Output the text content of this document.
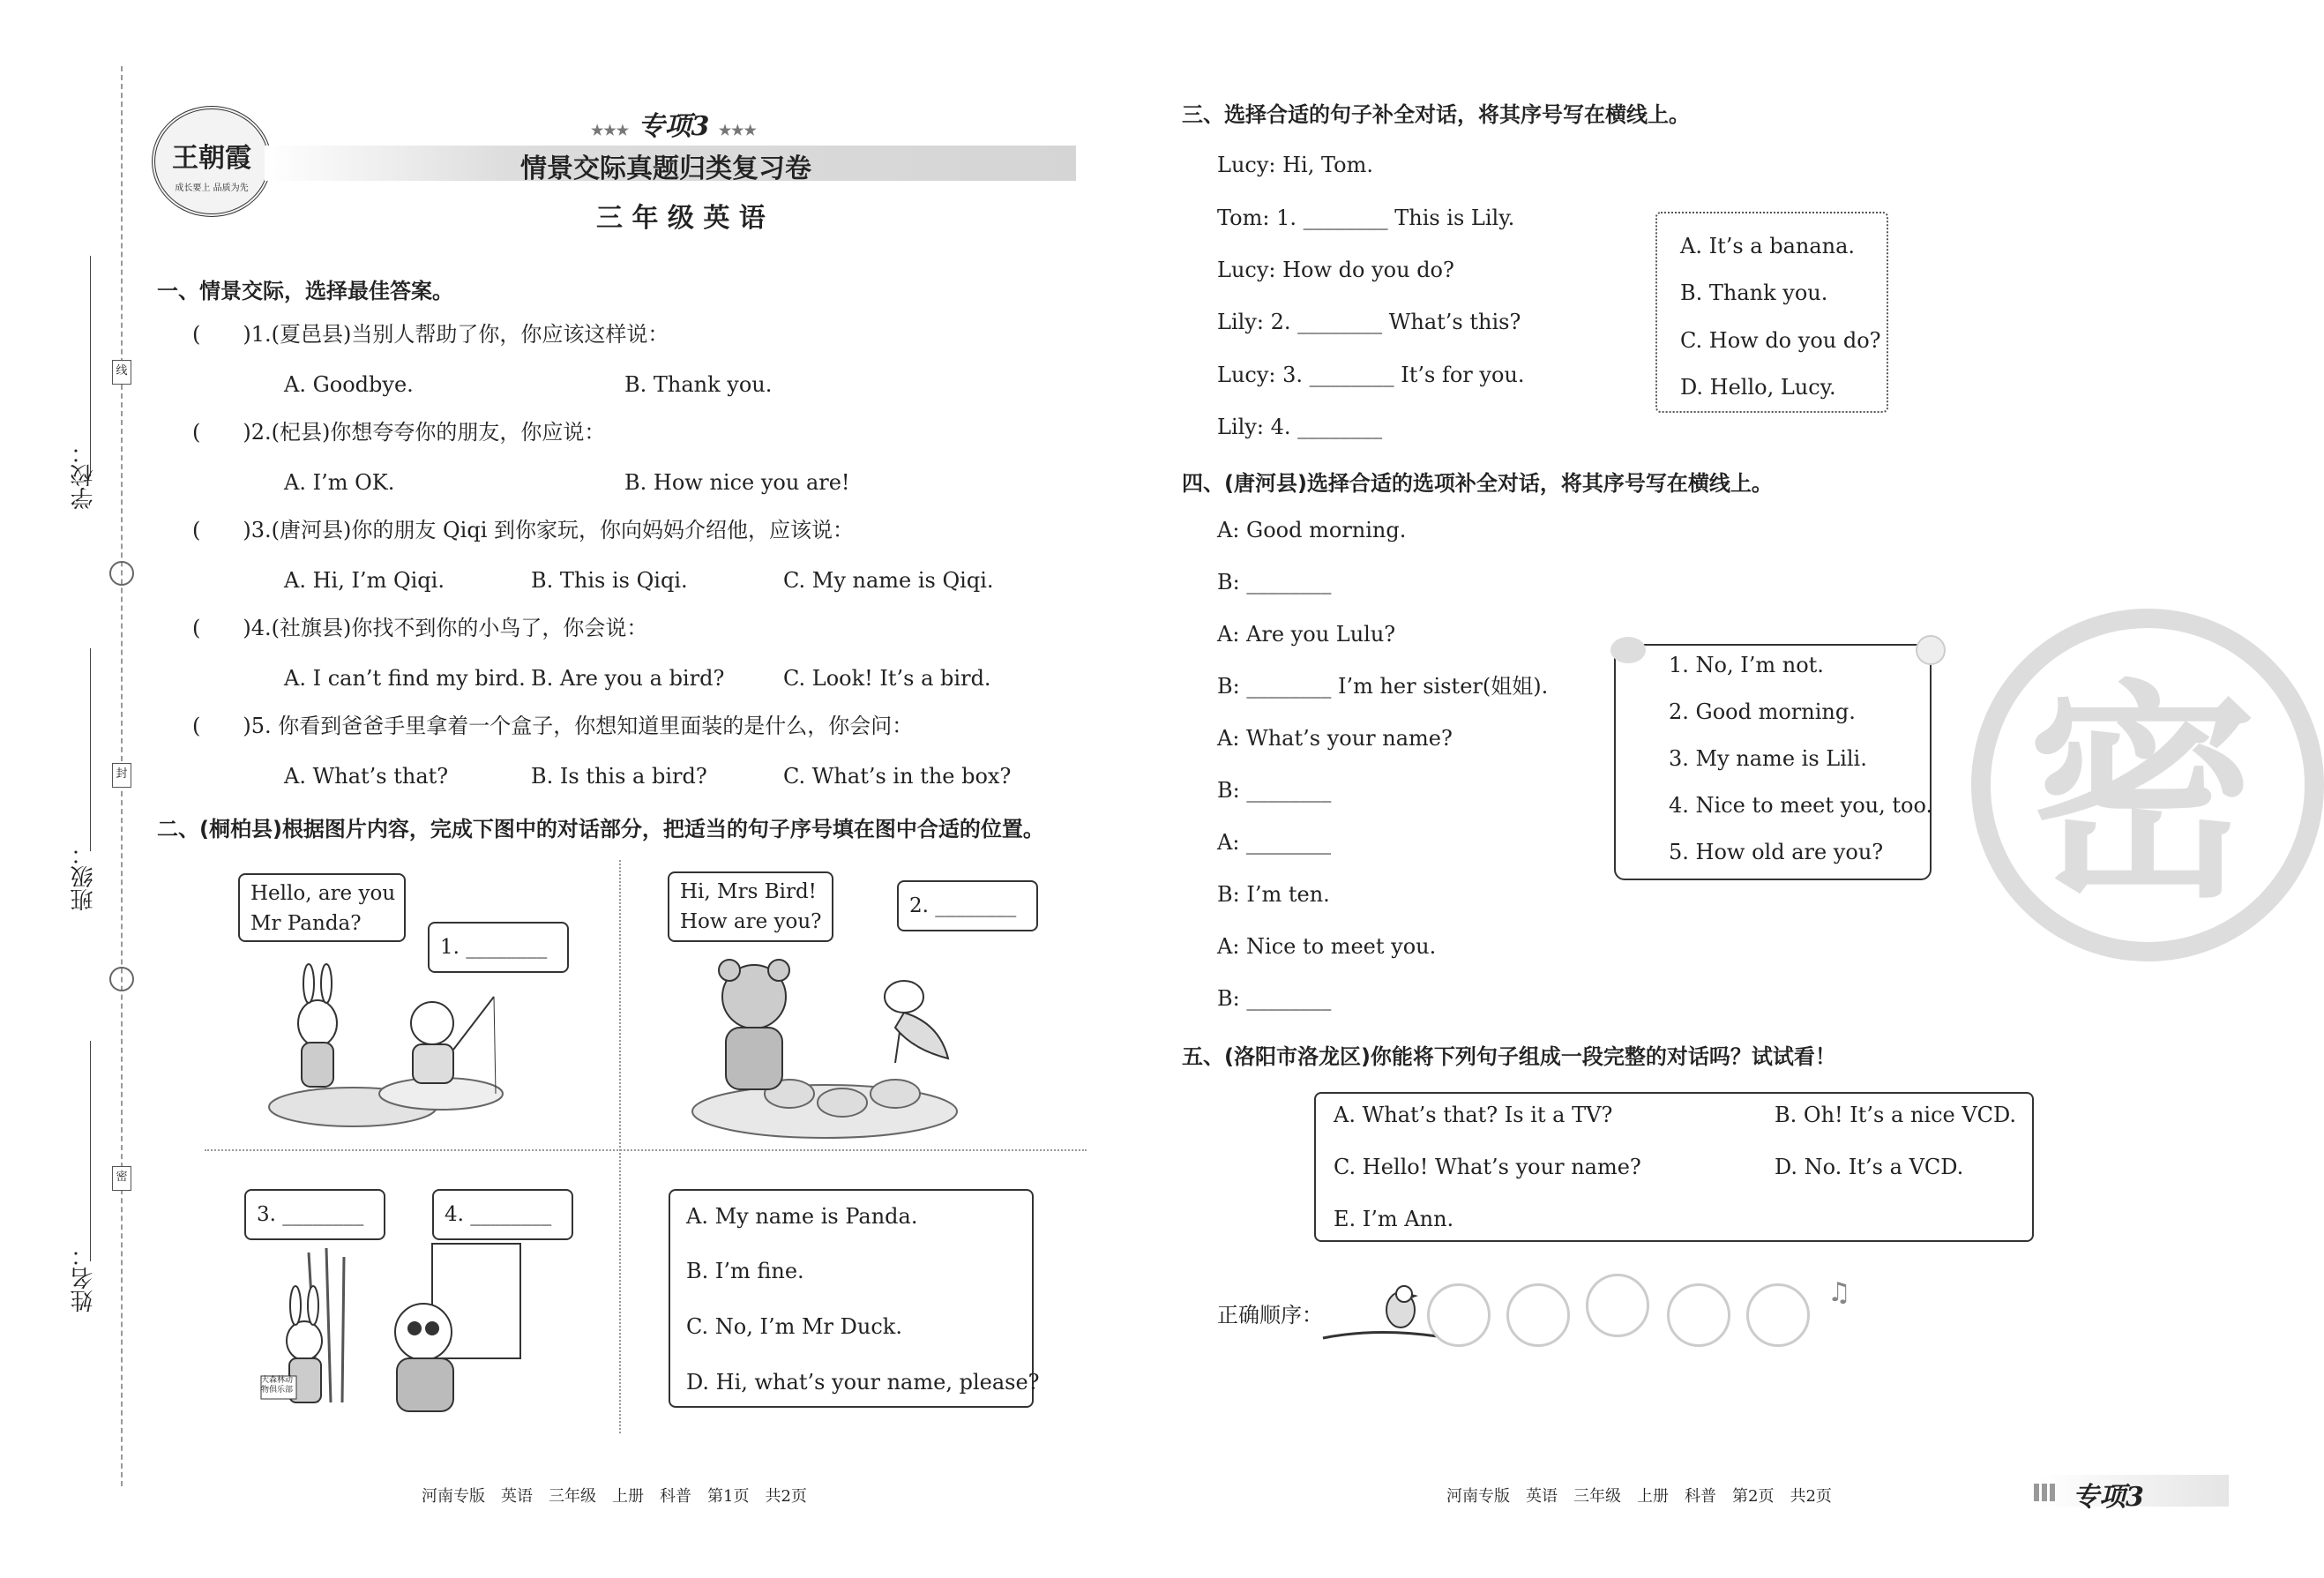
学校：
班级：
姓名：
线
封
密
王朝霞
成长要上 品质为先
★★★ 专项3 ★★★
情景交际真题归类复习卷
三 年 级 英 语
一、情景交际，选择最佳答案。
(　　)1.(夏邑县)当别人帮助了你，你应该这样说：
A. Goodbye.	B. Thank you.
(　　)2.(杞县)你想夸夸你的朋友，你应说：
A. I’m OK.	B. How nice you are!
(　　)3.(唐河县)你的朋友 Qiqi 到你家玩，你向妈妈介绍他，应该说：
A. Hi, I’m Qiqi.	B. This is Qiqi.	C. My name is Qiqi.
(　　)4.(社旗县)你找不到你的小鸟了，你会说：
A. I can’t find my bird. B. Are you a bird?	C. Look! It’s a bird.
(　　)5. 你看到爸爸手里拿着一个盒子，你想知道里面装的是什么，你会问：
A. What’s that?	B. Is this a bird?	C. What’s in the box?
二、(桐柏县)根据图片内容，完成下图中的对话部分，把适当的句子序号填在图中合适的位置。
Hello, are you
Mr Panda?
1. ________
Hi, Mrs Bird!
How are you?
2. ________
3. ________	4. ________
大森林动物俱乐部
A. My name is Panda.
B. I’m fine.
C. No, I’m Mr Duck.
D. Hi, what’s your name, please?
河南专版　英语　三年级　上册　科普　第1页　共2页
三、选择合适的句子补全对话，将其序号写在横线上。
Lucy: Hi, Tom.
Tom: 1. ________ This is Lily.
Lucy: How do you do?
Lily: 2. ________ What’s this?
Lucy: 3. ________ It’s for you.
Lily: 4. ________
A. It’s a banana.
B. Thank you.
C. How do you do?
D. Hello, Lucy.
四、(唐河县)选择合适的选项补全对话，将其序号写在横线上。
A: Good morning.
B: ________
A: Are you Lulu?
B: ________ I’m her sister(姐姐).
A: What’s your name?
B: ________
A: ________
B: I’m ten.
A: Nice to meet you.
B: ________
1. No, I’m not.
2. Good morning.
3. My name is Lili.
4. Nice to meet you, too.
5. How old are you? 密
五、(洛阳市洛龙区)你能将下列句子组成一段完整的对话吗？试试看！
A. What’s that? Is it a TV?	B. Oh! It’s a nice VCD.
C. Hello! What’s your name?	D. No. It’s a VCD.
E. I’m Ann.
正确顺序：
♫
河南专版　英语　三年级　上册　科普　第2页　共2页	专项3
